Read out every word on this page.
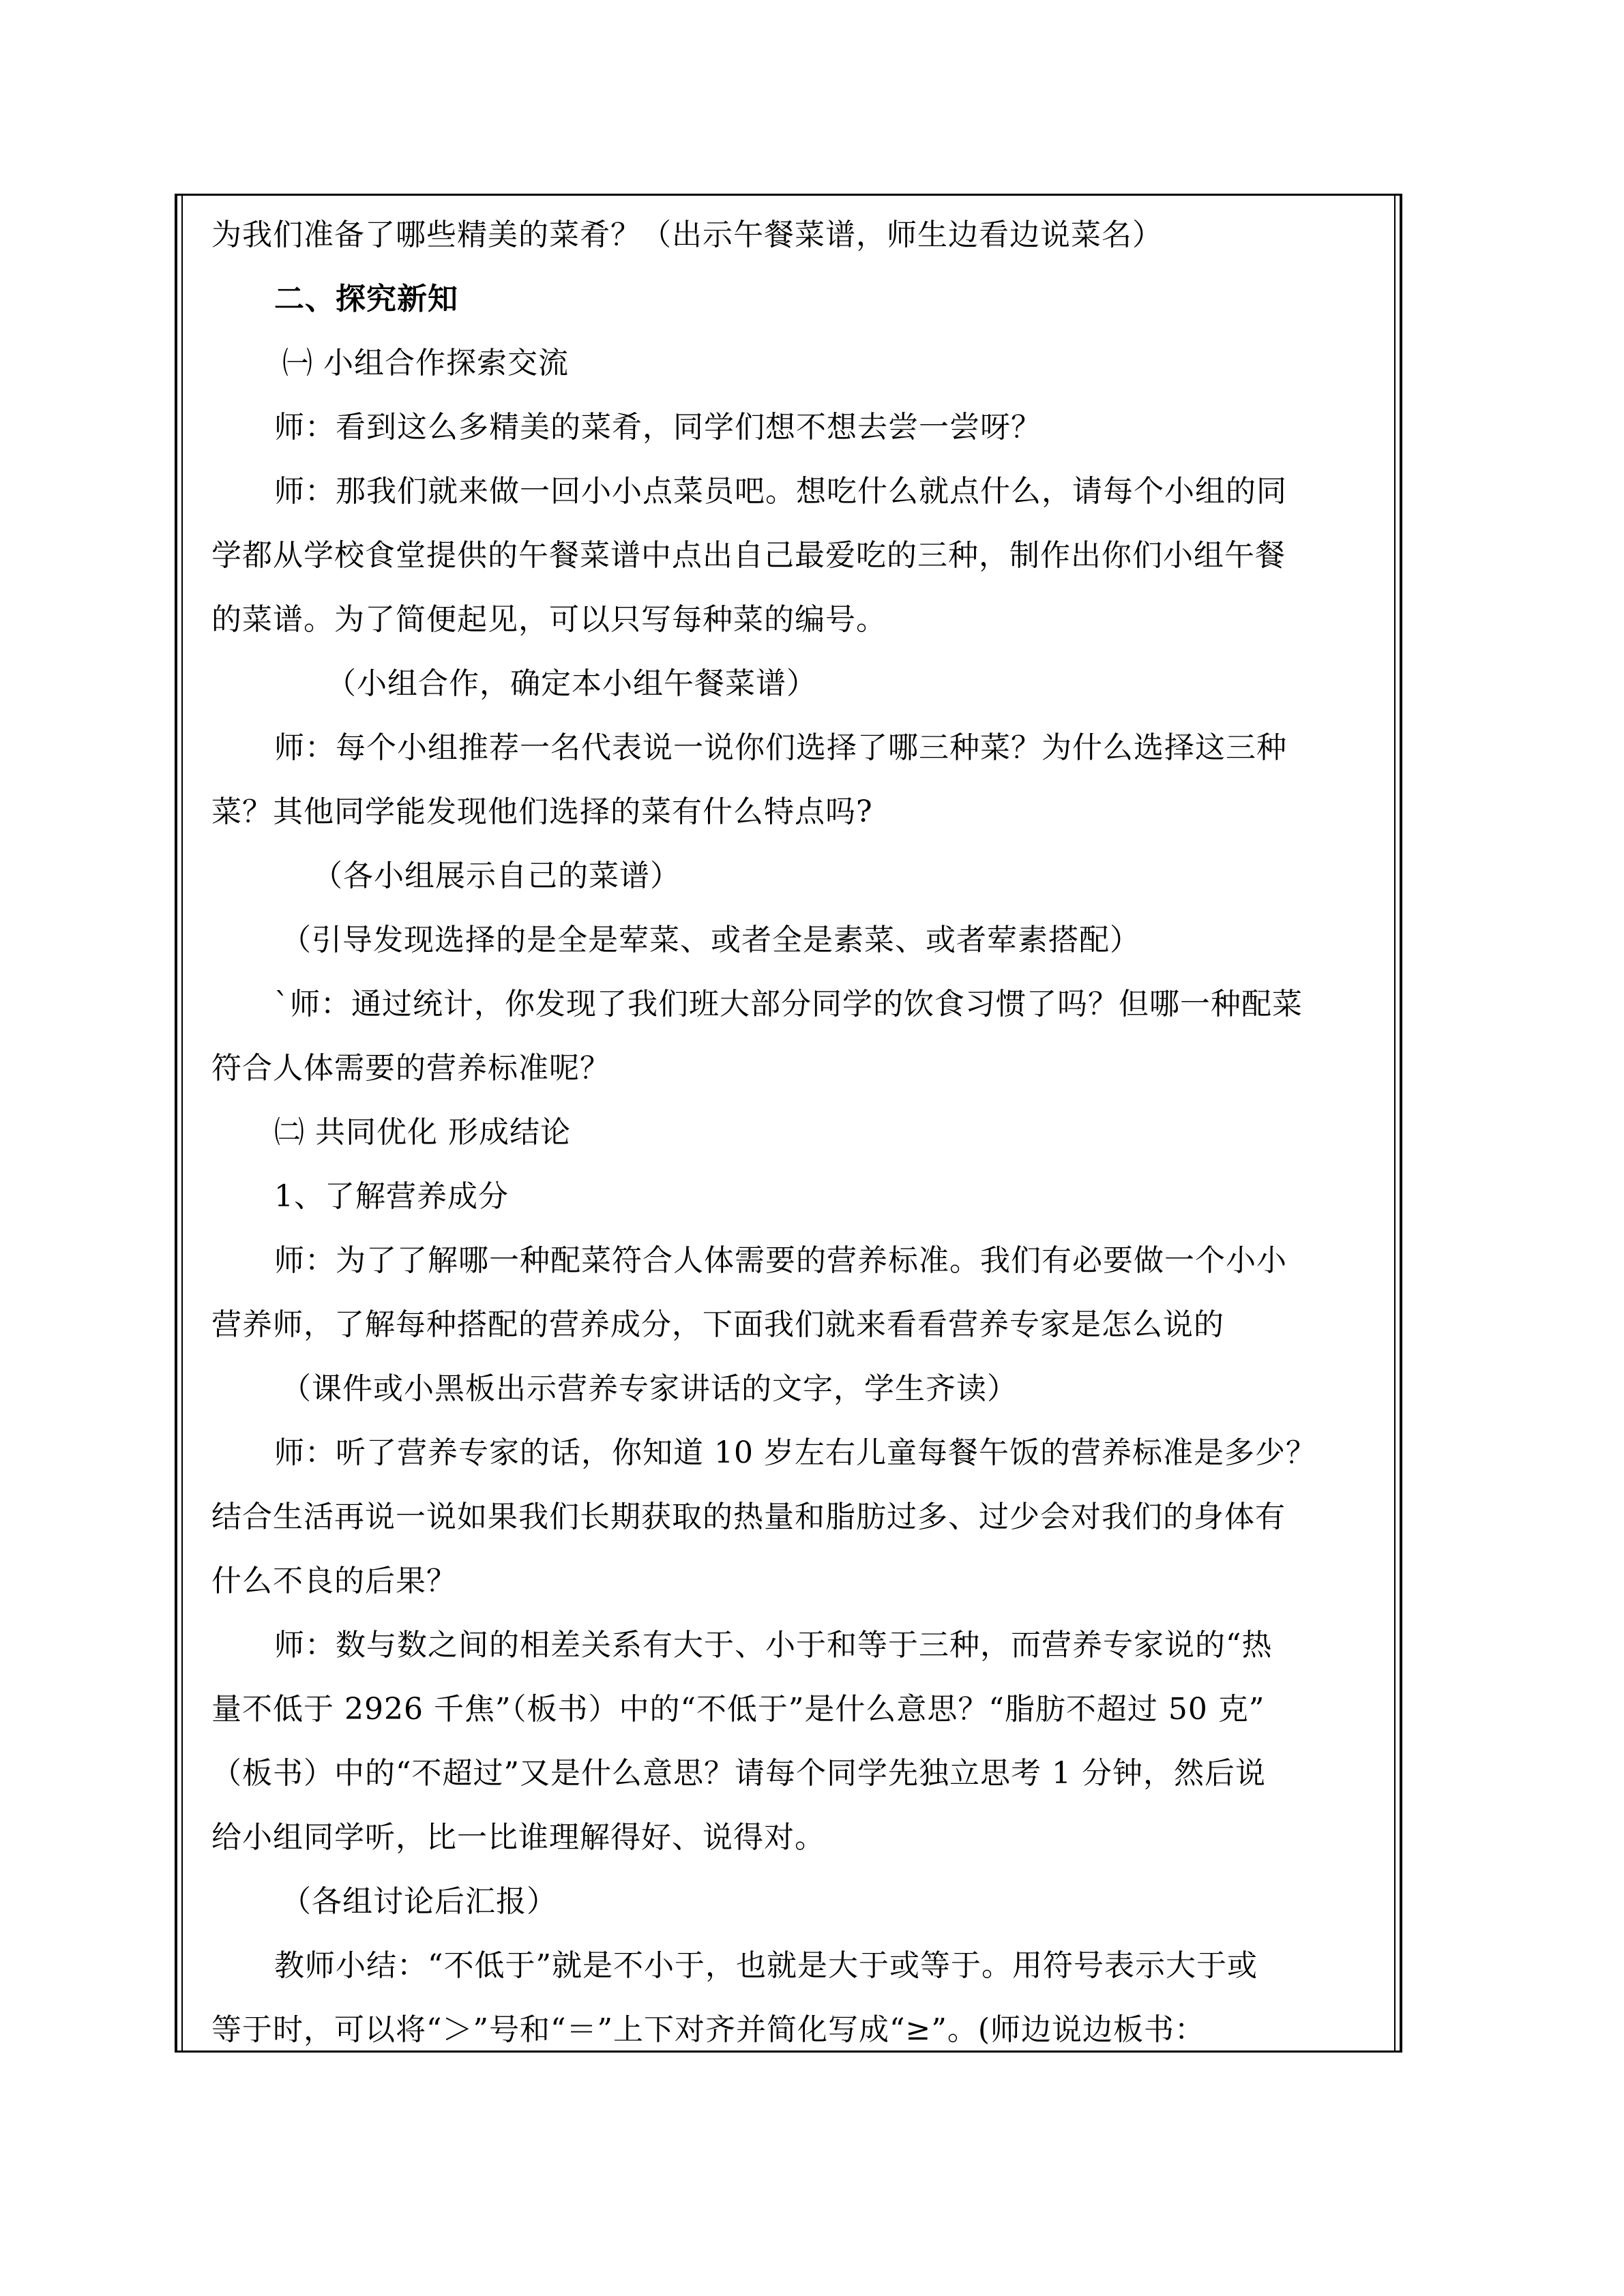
为我们准备了哪些精美的菜肴？（出示午餐菜谱，师生边看边说菜名）
二、探究新知
㈠ 小组合作探索交流
师：看到这么多精美的菜肴，同学们想不想去尝一尝呀？
师：那我们就来做一回小小点菜员吧。想吃什么就点什么，请每个小组的同
学都从学校食堂提供的午餐菜谱中点出自己最爱吃的三种，制作出你们小组午餐
的菜谱。为了简便起见，可以只写每种菜的编号。
（小组合作，确定本小组午餐菜谱）
师：每个小组推荐一名代表说一说你们选择了哪三种菜？为什么选择这三种
菜？其他同学能发现他们选择的菜有什么特点吗?
（各小组展示自己的菜谱）
（引导发现选择的是全是荤菜、或者全是素菜、或者荤素搭配）
`师：通过统计，你发现了我们班大部分同学的饮食习惯了吗？但哪一种配菜
符合人体需要的营养标准呢？
㈡ 共同优化 形成结论
1、了解营养成分
师：为了了解哪一种配菜符合人体需要的营养标准。我们有必要做一个小小
营养师，了解每种搭配的营养成分，下面我们就来看看营养专家是怎么说的
（课件或小黑板出示营养专家讲话的文字，学生齐读）
师：听了营养专家的话，你知道 10 岁左右儿童每餐午饭的营养标准是多少？
结合生活再说一说如果我们长期获取的热量和脂肪过多、过少会对我们的身体有
什么不良的后果？
师：数与数之间的相差关系有大于、小于和等于三种，而营养专家说的“热
量不低于 2926 千焦”（板书）中的“不低于”是什么意思？“脂肪不超过 50 克”
（板书）中的“不超过”又是什么意思？请每个同学先独立思考 1 分钟，然后说
给小组同学听，比一比谁理解得好、说得对。
（各组讨论后汇报）
教师小结：“不低于”就是不小于，也就是大于或等于。用符号表示大于或
等于时，可以将“＞”号和“＝”上下对齐并简化写成“≥”。(师边说边板书：
